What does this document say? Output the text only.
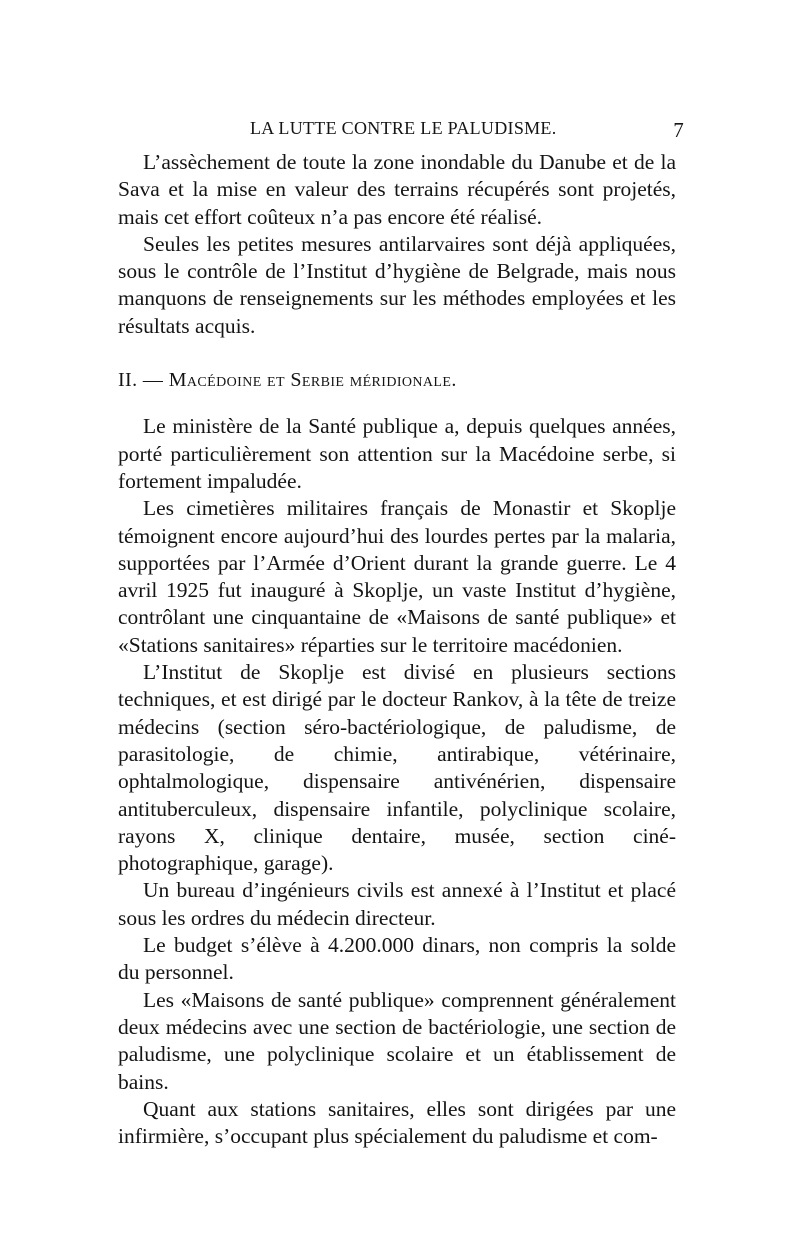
LA LUTTE CONTRE LE PALUDISME.	7

L’assèchement de toute la zone inondable du Danube et de la Sava et la mise en valeur des terrains récupérés sont projetés, mais cet effort coûteux n’a pas encore été réalisé.

Seules les petites mesures antilarvaires sont déjà appliquées, sous le contrôle de l’Institut d’hygiène de Belgrade, mais nous manquons de renseignements sur les méthodes employées et les résultats acquis.

II. — Macédoine et Serbie méridionale.

Le ministère de la Santé publique a, depuis quelques années, porté particulièrement son attention sur la Macédoine serbe, si fortement impaludée.

Les cimetières militaires français de Monastir et Skoplje témoignent encore aujourd’hui des lourdes pertes par la malaria, supportées par l’Armée d’Orient durant la grande guerre. Le 4 avril 1925 fut inauguré à Skoplje, un vaste Institut d’hygiène, contrôlant une cinquantaine de «Maisons de santé publique» et «Stations sanitaires» réparties sur le territoire macédonien.

L’Institut de Skoplje est divisé en plusieurs sections techniques, et est dirigé par le docteur Rankov, à la tête de treize médecins (section séro-bactériologique, de paludisme, de parasitologie, de chimie, antirabique, vétérinaire, ophtalmologique, dispensaire antivénérien, dispensaire antituberculeux, dispensaire infantile, polyclinique scolaire, rayons X, clinique dentaire, musée, section ciné-photographique, garage).

Un bureau d’ingénieurs civils est annexé à l’Institut et placé sous les ordres du médecin directeur.

Le budget s’élève à 4.200.000 dinars, non compris la solde du personnel.

Les «Maisons de santé publique» comprennent généralement deux médecins avec une section de bactériologie, une section de paludisme, une polyclinique scolaire et un établissement de bains.

Quant aux stations sanitaires, elles sont dirigées par une infirmière, s’occupant plus spécialement du paludisme et com-
